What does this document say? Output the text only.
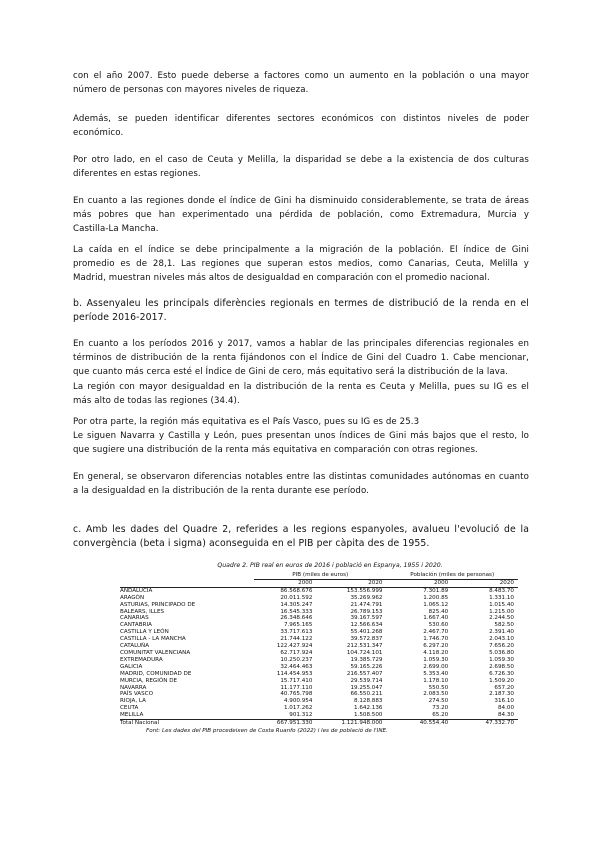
con el año 2007. Esto puede deberse a factores como un aumento en la población o una mayor
número de personas con mayores niveles de riqueza.
Además, se pueden identificar diferentes sectores económicos con distintos niveles de poder
económico.
Por otro lado, en el caso de Ceuta y Melilla, la disparidad se debe a la existencia de dos culturas
diferentes en estas regiones.
En cuanto a las regiones donde el índice de Gini ha disminuido considerablemente, se trata de áreas
más pobres que han experimentado una pérdida de población, como Extremadura, Murcia y
Castilla-La Mancha.
La caída en el índice se debe principalmente a la migración de la población. El índice de Gini
promedio es de 28,1. Las regiones que superan estos medios, como Canarias, Ceuta, Melilla y
Madrid, muestran niveles más altos de desigualdad en comparación con el promedio nacional.
b. Assenyaleu les principals diferències regionals en termes de distribució de la renda en el
període 2016-2017.
En cuanto a los períodos 2016 y 2017, vamos a hablar de las principales diferencias regionales en
términos de distribución de la renta fijándonos con el Índice de Gini del Cuadro 1. Cabe mencionar,
que cuanto más cerca esté el Índice de Gini de cero, más equitativo será la distribución de la lava.
La región con mayor desigualdad en la distribución de la renta es Ceuta y Melilla, pues su IG es el
más alto de todas las regiones (34.4).
Por otra parte, la región más equitativa es el País Vasco, pues su IG es de 25.3
Le siguen Navarra y Castilla y León, pues presentan unos índices de Gini más bajos que el resto, lo
que sugiere una distribución de la renta más equitativa en comparación con otras regiones.
En general, se observaron diferencias notables entre las distintas comunidades autónomas en cuanto
a la desigualdad en la distribución de la renta durante ese período.
c. Amb les dades del Quadre 2, referides a les regions espanyoles, avalueu l'evolució de la
convergència (beta i sigma) aconseguida en el PIB per càpita des de 1955.
Quadre 2. PIB real en euros de 2016 i població en Espanya, 1955 i 2020.
	PIB (miles de euros)		Población (miles de personas)	
	2000	2020	2000	2020
ANDALUCÍA	86.568.676	153.556.999	7.301.89	8.483.70
ARAGÓN	20.011.592	35.269.962	1.200.85	1.331.10
ASTURIAS, PRINCIPADO DE	14.305.247	21.474.791	1.065.12	1.015.40
BALEARS, ILLES	16.545.333	26.789.153	825.40	1.215.00
CANARIAS	26.348.646	39.167.597	1.667.40	2.244.50
CANTABRIA	7.965.165	12.566.634	530.60	582.50
CASTILLA Y LEÓN	33.717.613	55.401.268	2.467.70	2.391.40
CASTILLA - LA MANCHA	21.744.122	39.572.837	1.746.70	2.043.10
CATALUÑA	122.427.924	212.531.347	6.297.20	7.656.20
COMUNITAT VALENCIANA	62.717.924	104.724.101	4.118.20	5.036.80
EXTREMADURA	10.250.237	19.385.729	1.059.30	1.059.30
GALICIA	32.464.463	59.165.226	2.699.00	2.698.50
MADRID, COMUNIDAD DE	114.454.953	216.557.407	5.353.40	6.726.30
MURCIA, REGIÓN DE	15.717.410	29.539.714	1.178.10	1.509.20
NAVARRA	11.177.110	19.255.047	550.50	657.20
PAÍS VASCO	40.765.798	66.550.211	2.083.50	2.187.30
RIOJA, LA	4.900.954	8.128.883	274.50	316.10
CEUTA	1.017.262	1.642.136	73.20	84.00
MELILLA	901.312	1.508.500	65.20	84.30
Total Nacional	667.951.330	1.121.948.000	40.554.40	47.332.70
Font: Les dades del PIB procedeixen de Costa Ruanfo (2022) i les de població de l'INE.
